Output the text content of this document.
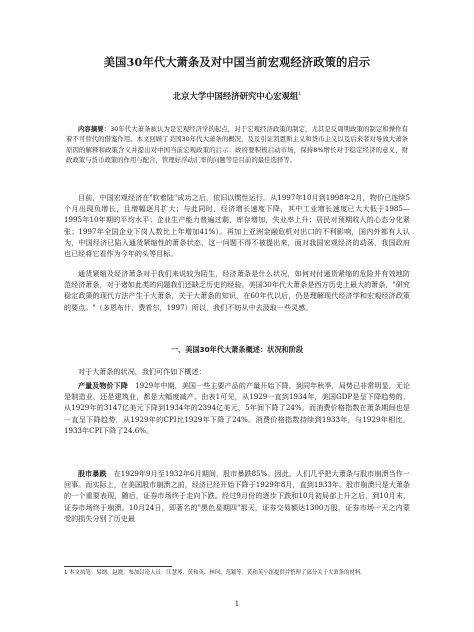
美国30年代大萧条及对中国当前宏观经济政策的启示
北京大学中国经济研究中心宏观组$^1$
内容摘要：30年代大萧条被认为是宏观经济学的起点，对于宏观经济政策的制定，尤其是反周期政策的制定和操作有着不可替代的借鉴作用。本文回顾了美国30年代大萧条的概况，及及引证凯恩斯主义和货币主义以及后来者对导致大萧条原因的解释和政策含义并提出对中国当前宏观政策的启示：政府要积极启动市场，保持8%增长对于稳定经济的意义，财政政策与货币政策的作用与配合，管理好浮动汇率的问题等是目前的最佳选择等。
目前，中国宏观经济在"软着陆"成功之后，依旧以惯性运行。从1997年10月到1998年2月，物价已连续5个月出现负增长，且增幅逐月扩大；与此同时，经济增长速度下降，其中工业增长速度已大大低于1985—1995年10年期的平均水平；企业生产能力普遍过剩，库存增加，失业率上升；居民对预期收入的心态分化紧张；1997年全国企业下岗人数比上年增加41%）。再加上亚洲金融危机对出口的不利影响，国内外都有人认为，中国经济已陷入通货紧缩性的萧条状态，这一问题不得不被提出来，面对我国宏观经济的动荡，我国政府也已经将它看作为今年的头等目标。
通货紧缩及经济萧条对于我们来说较为陌生，经济萧条是什么状况，如何对付通货紧缩的危险并有效地防范经济萧条，对于诸如此类的问题我们还缺乏历史的经验。美国30年代大萧条是西方历史上最大的萧条，"研究稳定政策的现代方法产生于大萧条，关于大萧条的知识，在60年代以后，仍是理解现代经济学和宏观经济政策的要点。"（多恩布什、费希尔，1997）所以，我们不妨从中去汲取一些灵感。
一、美国30年代大萧条概述：状况和阶段
对于大萧条的状况，我们可作如下概述：
产量及物价下降　 1929年中期，美国一些主要产品的产量开始下降。到同年秋季，局势已非常明显，无论是制造业，还是建筑业，都是大幅度减产。由表1可见，从1929一直到1934年，美国GDP是呈下降趋势的，从1929年的3147亿美元下降到1934年的2394亿美元，5年间下降了24%。而消费价格指数在萧条期间也是一直呈下降趋势，从1929年的CPI比1929年下降了24%。消费价格指数持续到1933年，与1929年相比，1933年CPI下降了24.6%。
股市暴跌　 在1929年9月至1932年6月期间，股市暴跌85%。因此，人们几乎把大萧条与股市崩溃当作一回事。而实际上，在美国股市崩溃之前，经济已经开始下降于1929年8月，直到1933年。股市崩溃只是大萧条的一个重要表现，随后，证券市场终于走向下跌。经过9月份的逐步下跌和10月初局部上升之后，到10月末，证券市场终于崩溃。10月24日，即著名的"黑色星期四"那天，证券交易额达1300万股，证券市场一天之内蒙受的损失分别了历史最
1 本文执笔：易纲、赵晓。参加讨论人员：江慧琴、黄和英、林珂、范颖等。黄和英小组提供并整理了部分关于大萧条的材料。
1
